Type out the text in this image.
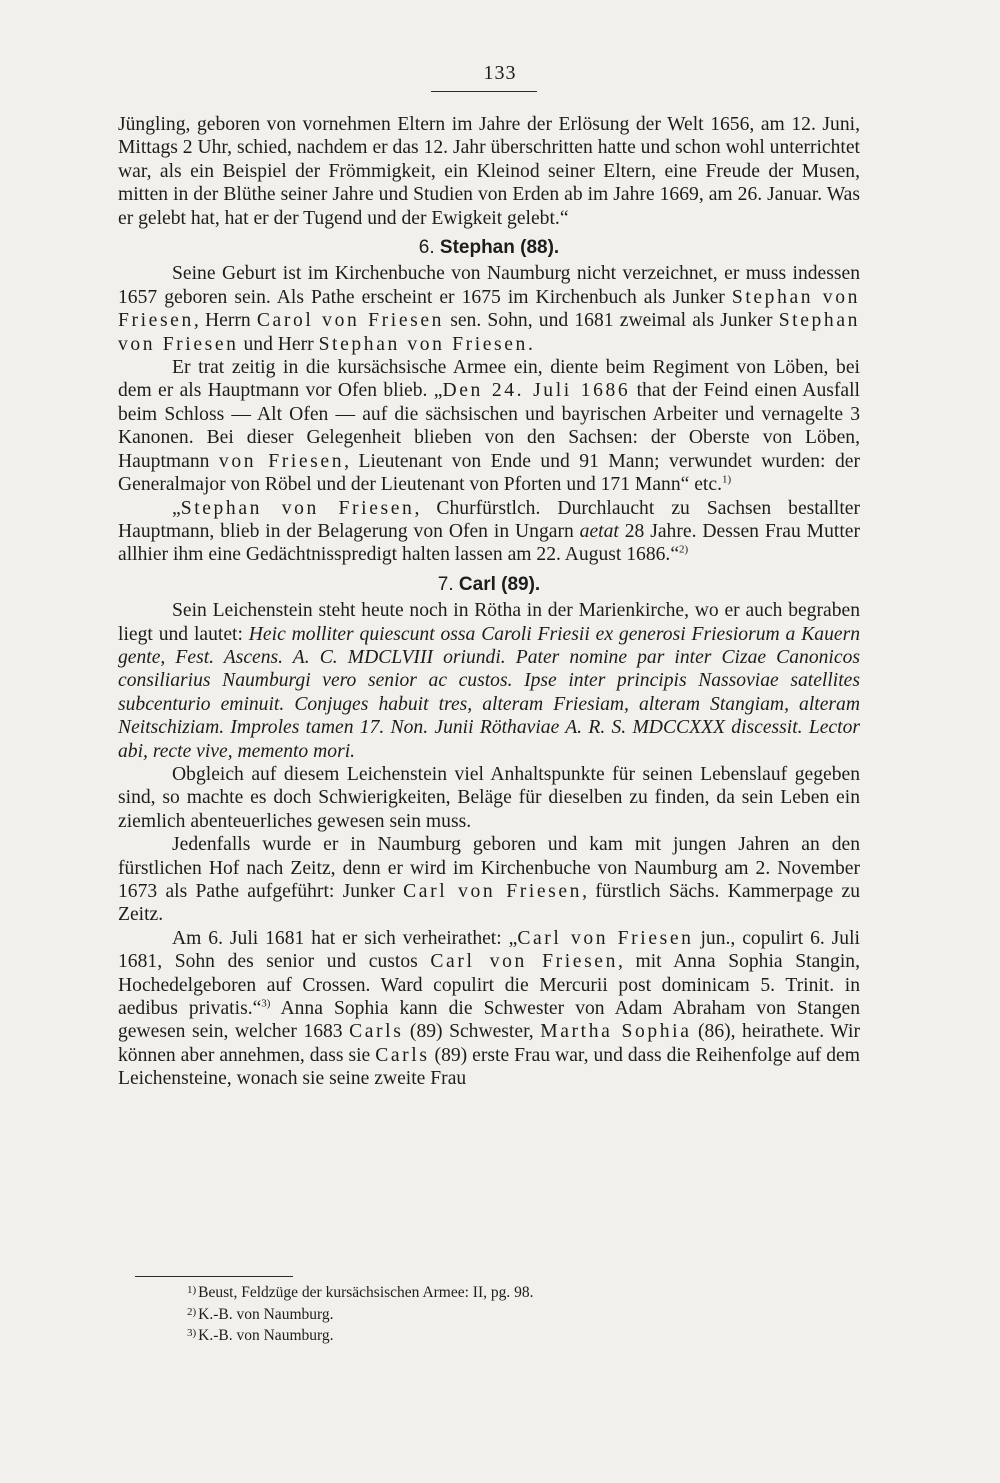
133

Jüngling, geboren von vornehmen Eltern im Jahre der Erlösung der Welt 1656, am 12. Juni, Mittags 2 Uhr, schied, nachdem er das 12. Jahr überschritten hatte und schon wohl unterrichtet war, als ein Beispiel der Frömmigkeit, ein Kleinod seiner Eltern, eine Freude der Musen, mitten in der Blüthe seiner Jahre und Studien von Erden ab im Jahre 1669, am 26. Januar. Was er gelebt hat, hat er der Tugend und der Ewigkeit gelebt.“

6. Stephan (88).

Seine Geburt ist im Kirchenbuche von Naumburg nicht verzeichnet, er muss indessen 1657 geboren sein. Als Pathe erscheint er 1675 im Kirchenbuch als Junker Stephan von Friesen, Herrn Carol von Friesen sen. Sohn, und 1681 zweimal als Junker Stephan von Friesen und Herr Stephan von Friesen.

Er trat zeitig in die kursächsische Armee ein, diente beim Regiment von Löben, bei dem er als Hauptmann vor Ofen blieb. „Den 24. Juli 1686 that der Feind einen Ausfall beim Schloss — Alt Ofen — auf die sächsischen und bayrischen Arbeiter und vernagelte 3 Kanonen. Bei dieser Gelegenheit blieben von den Sachsen: der Oberste von Löben, Hauptmann von Friesen, Lieutenant von Ende und 91 Mann; verwundet wurden: der Generalmajor von Röbel und der Lieutenant von Pforten und 171 Mann“ etc.$^{1)}$

„Stephan von Friesen, Churfürstlch. Durchlaucht zu Sachsen bestallter Hauptmann, blieb in der Belagerung von Ofen in Ungarn aetat 28 Jahre. Dessen Frau Mutter allhier ihm eine Gedächtnisspredigt halten lassen am 22. August 1686.“$^{2)}$

7. Carl (89).

Sein Leichenstein steht heute noch in Rötha in der Marienkirche, wo er auch begraben liegt und lautet: Heic molliter quiescunt ossa Caroli Friesii ex generosi Friesiorum a Kauern gente, Fest. Ascens. A. C. MDCLVIII oriundi. Pater nomine par inter Cizae Canonicos consiliarius Naumburgi vero senior ac custos. Ipse inter principis Nassoviae satellites subcenturio eminuit. Conjuges habuit tres, alteram Friesiam, alteram Stangiam, alteram Neitschiziam. Improles tamen 17. Non. Junii Röthaviae A. R. S. MDCCXXX discessit. Lector abi, recte vive, memento mori.

Obgleich auf diesem Leichenstein viel Anhaltspunkte für seinen Lebenslauf gegeben sind, so machte es doch Schwierigkeiten, Beläge für dieselben zu finden, da sein Leben ein ziemlich abenteuerliches gewesen sein muss.

Jedenfalls wurde er in Naumburg geboren und kam mit jungen Jahren an den fürstlichen Hof nach Zeitz, denn er wird im Kirchenbuche von Naumburg am 2. November 1673 als Pathe aufgeführt: Junker Carl von Friesen, fürstlich Sächs. Kammerpage zu Zeitz.

Am 6. Juli 1681 hat er sich verheirathet: „Carl von Friesen jun., copulirt 6. Juli 1681, Sohn des senior und custos Carl von Friesen, mit Anna Sophia Stangin, Hochedelgeboren auf Crossen. Ward copulirt die Mercurii post dominicam 5. Trinit. in aedibus privatis.“$^{3)}$ Anna Sophia kann die Schwester von Adam Abraham von Stangen gewesen sein, welcher 1683 Carls (89) Schwester, Martha Sophia (86), heirathete. Wir können aber annehmen, dass sie Carls (89) erste Frau war, und dass die Reihenfolge auf dem Leichensteine, wonach sie seine zweite Frau

$^{1)}$ Beust, Feldzüge der kursächsischen Armee: II, pg. 98.
$^{2)}$ K.-B. von Naumburg.
$^{3)}$ K.-B. von Naumburg.
